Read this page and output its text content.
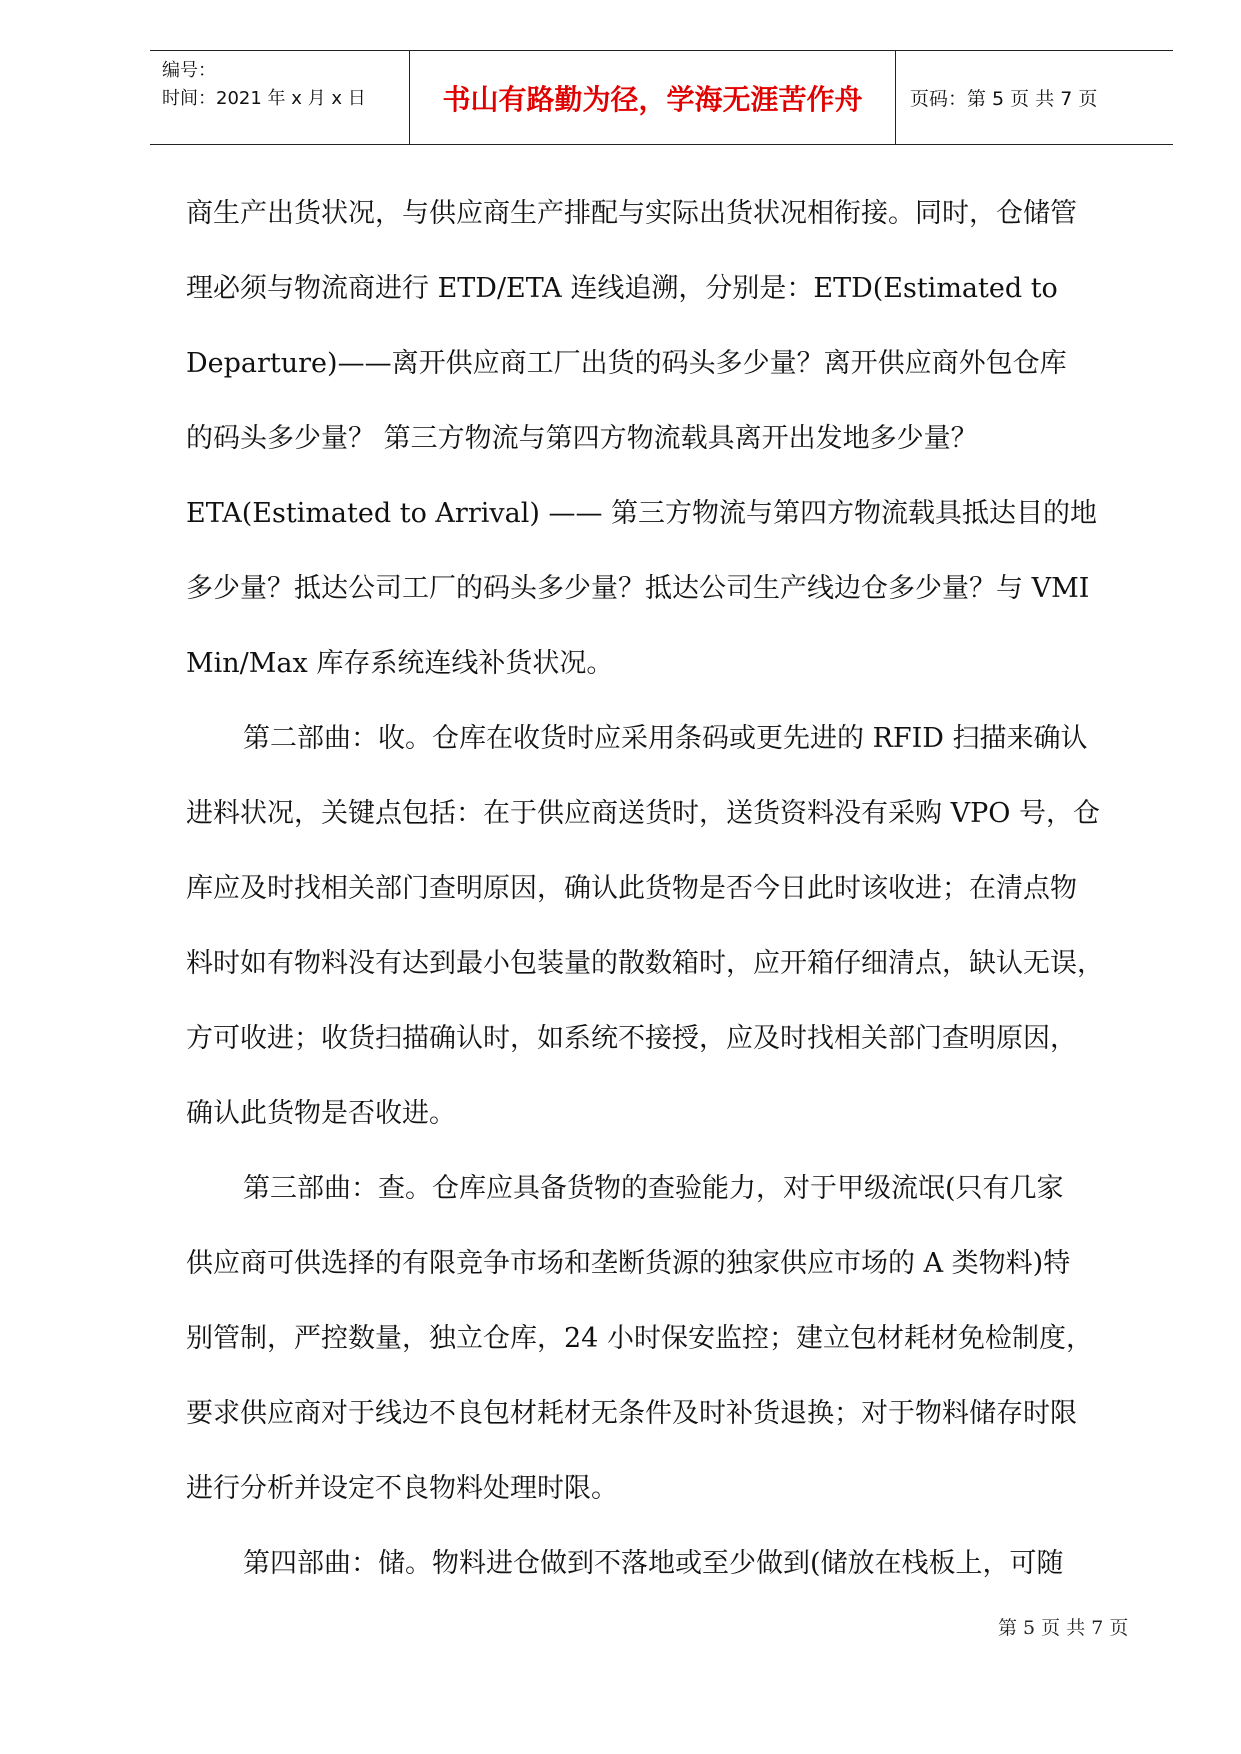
编号：
时间：2021 年 x 月 x 日	书山有路勤为径，学海无涯苦作舟	页码：第 5 页 共 7 页
商生产出货状况，与供应商生产排配与实际出货状况相衔接。同时，仓储管
理必须与物流商进行 ETD/ETA 连线追溯，分别是：ETD(Estimated to
Departure)——离开供应商工厂出货的码头多少量？离开供应商外包仓库
的码头多少量？ 第三方物流与第四方物流载具离开出发地多少量？
ETA(Estimated to Arrival) —— 第三方物流与第四方物流载具抵达目的地
多少量？抵达公司工厂的码头多少量？抵达公司生产线边仓多少量？与 VMI
Min/Max 库存系统连线补货状况。
第二部曲：收。仓库在收货时应采用条码或更先进的 RFID 扫描来确认
进料状况，关键点包括：在于供应商送货时，送货资料没有采购 VPO 号，仓
库应及时找相关部门查明原因，确认此货物是否今日此时该收进；在清点物
料时如有物料没有达到最小包装量的散数箱时，应开箱仔细清点，缺认无误，
方可收进；收货扫描确认时，如系统不接授，应及时找相关部门查明原因，
确认此货物是否收进。
第三部曲：查。仓库应具备货物的查验能力，对于甲级流氓(只有几家
供应商可供选择的有限竞争市场和垄断货源的独家供应市场的 A 类物料)特
别管制，严控数量，独立仓库，24 小时保安监控；建立包材耗材免检制度，
要求供应商对于线边不良包材耗材无条件及时补货退换；对于物料储存时限
进行分析并设定不良物料处理时限。
第四部曲：储。物料进仓做到不落地或至少做到(储放在栈板上，可随
第 5 页 共 7 页
